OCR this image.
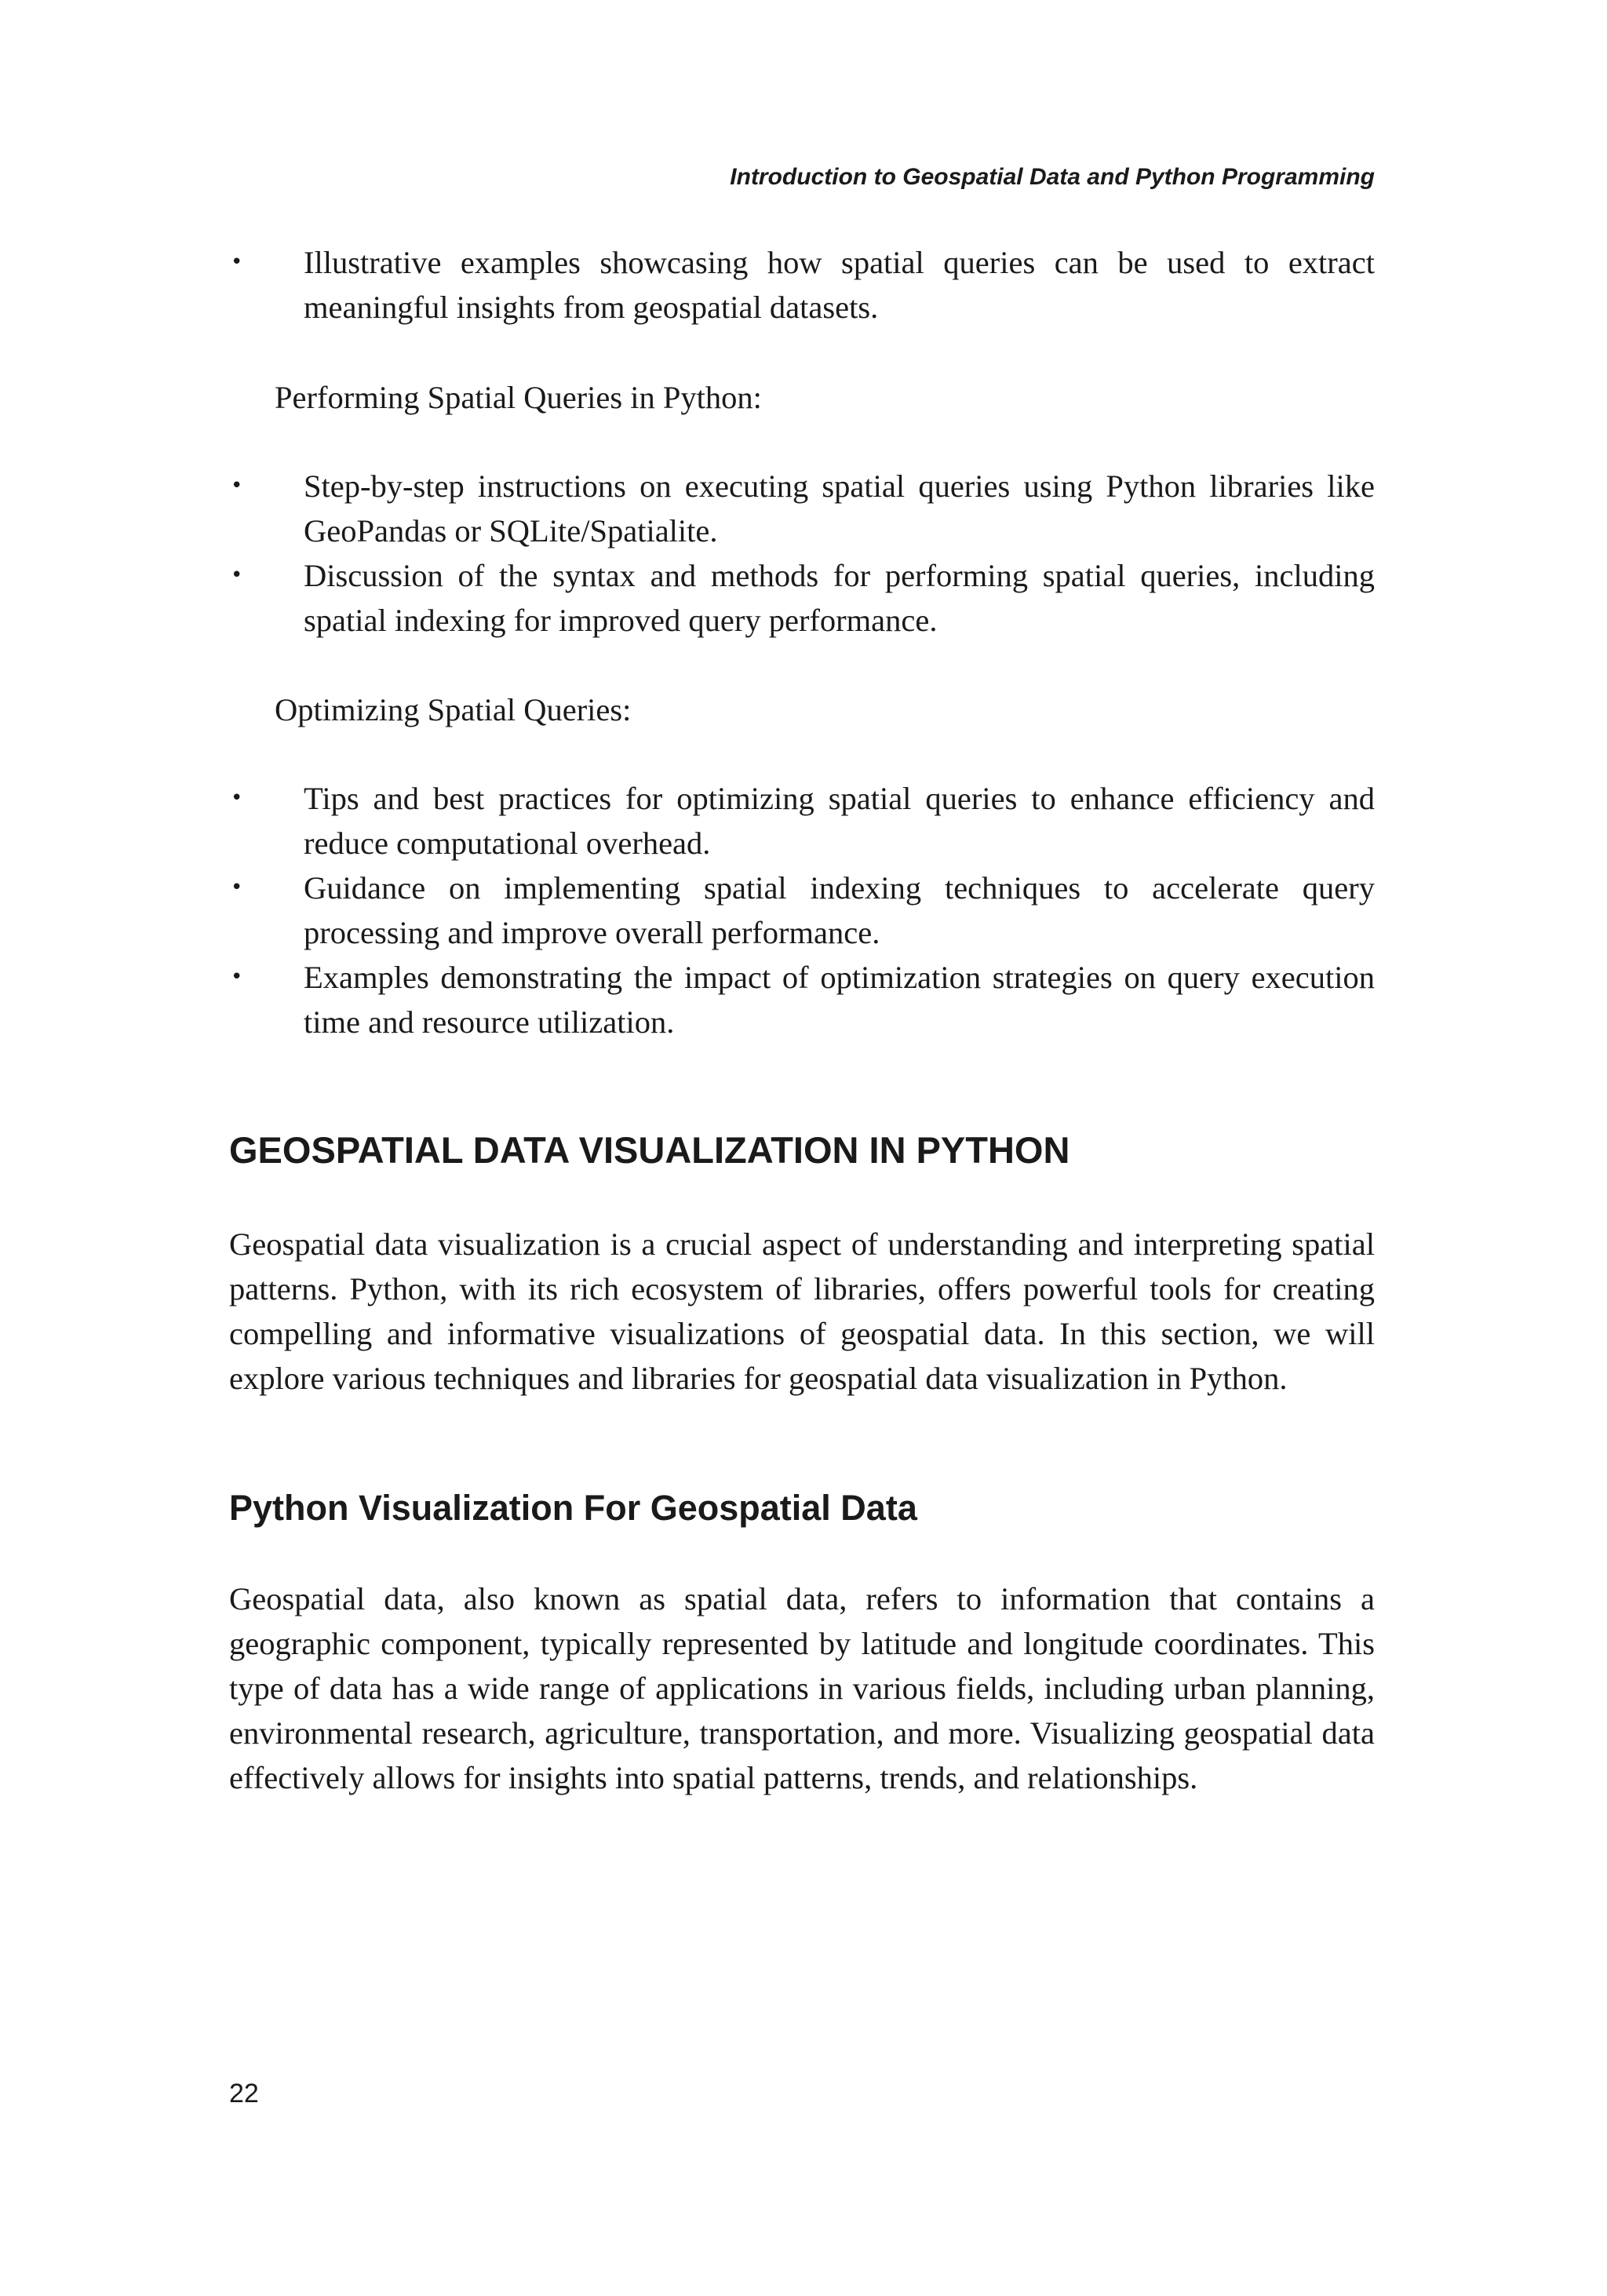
Introduction to Geospatial Data and Python Programming
• Illustrative examples showcasing how spatial queries can be used to extract meaningful insights from geospatial datasets.
Performing Spatial Queries in Python:
• Step-by-step instructions on executing spatial queries using Python libraries like GeoPandas or SQLite/Spatialite.
• Discussion of the syntax and methods for performing spatial queries, including spatial indexing for improved query performance.
Optimizing Spatial Queries:
• Tips and best practices for optimizing spatial queries to enhance efficiency and reduce computational overhead.
• Guidance on implementing spatial indexing techniques to accelerate query processing and improve overall performance.
• Examples demonstrating the impact of optimization strategies on query execution time and resource utilization.
GEOSPATIAL DATA VISUALIZATION IN PYTHON

Geospatial data visualization is a crucial aspect of understanding and interpreting spatial patterns. Python, with its rich ecosystem of libraries, offers powerful tools for creating compelling and informative visualizations of geospatial data. In this section, we will explore various techniques and libraries for geospatial data visualization in Python.

Python Visualization For Geospatial Data

Geospatial data, also known as spatial data, refers to information that contains a geographic component, typically represented by latitude and longitude coordinates. This type of data has a wide range of applications in various fields, including urban planning, environmental research, agriculture, transportation, and more. Visualizing geospatial data effectively allows for insights into spatial patterns, trends, and relationships.

22
